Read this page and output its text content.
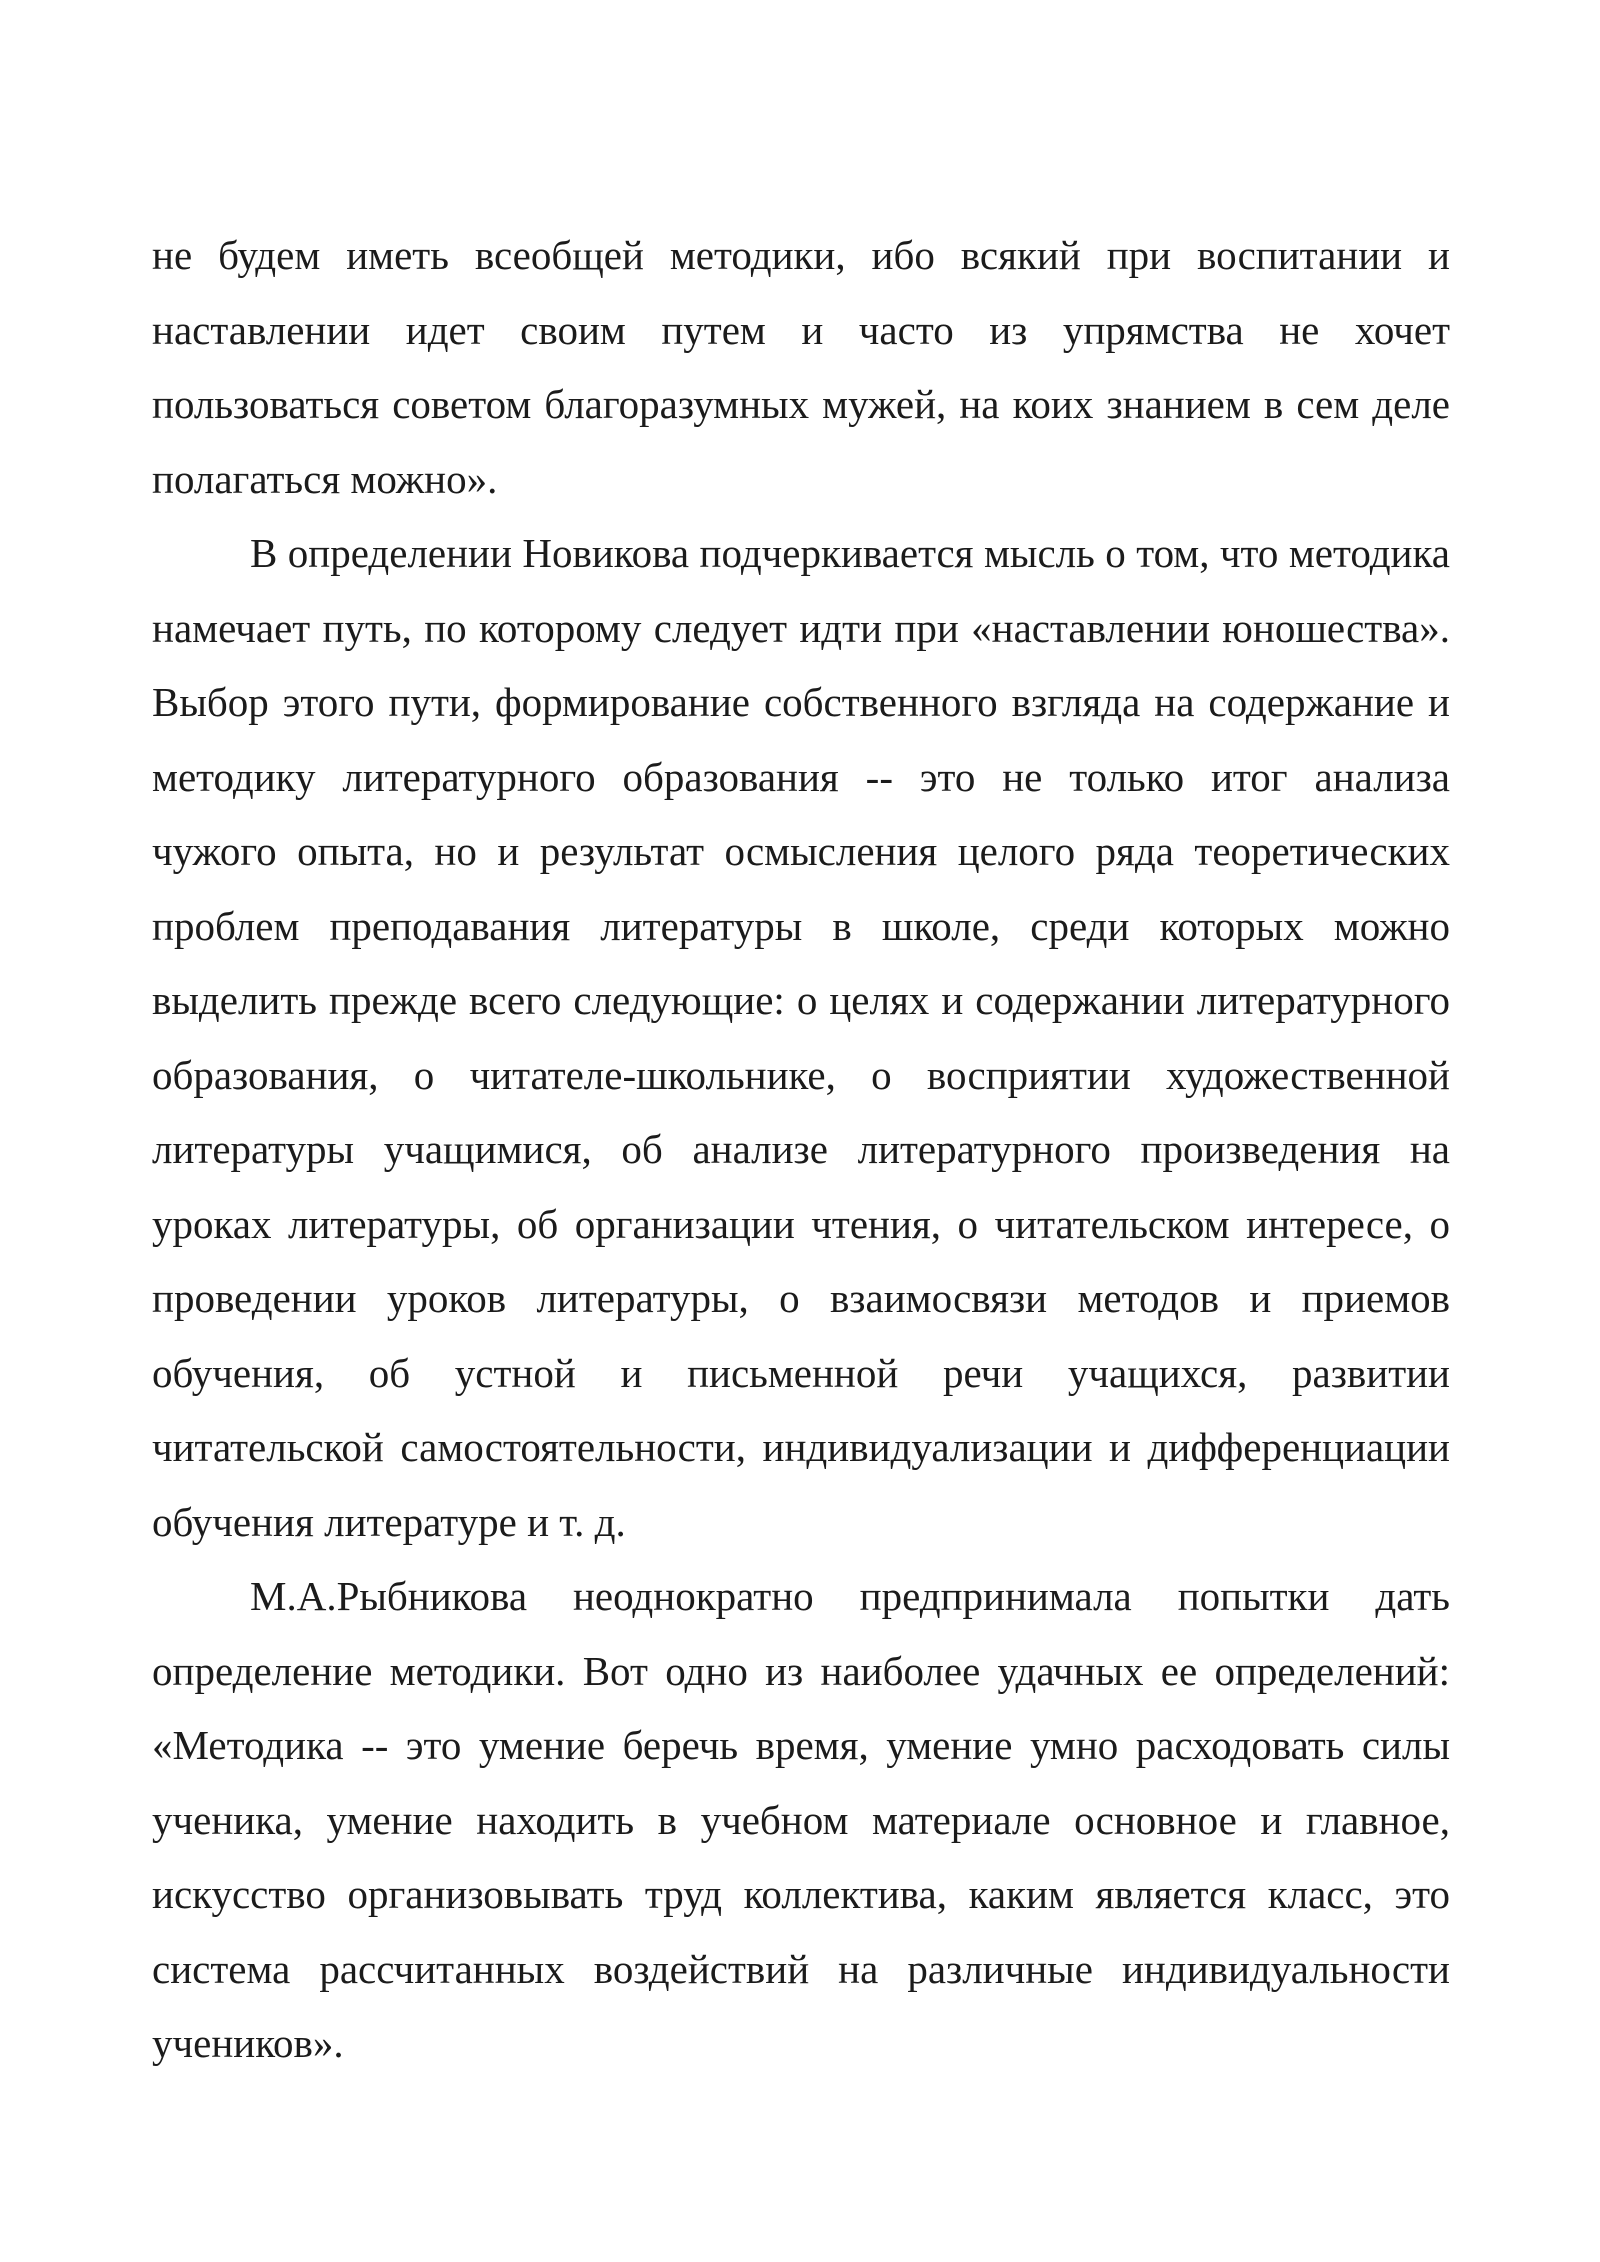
не будем иметь всеобщей методики, ибо всякий при воспитании и наставлении идет своим путем и часто из упрямства не хочет пользоваться советом благоразумных мужей, на коих знанием в сем деле полагаться можно».

В определении Новикова подчеркивается мысль о том, что методика намечает путь, по которому следует идти при «наставлении юношества». Выбор этого пути, формирование собственного взгляда на содержание и методику литературного образования -- это не только итог анализа чужого опыта, но и результат осмысления целого ряда теоретических проблем преподавания литературы в школе, среди которых можно выделить прежде всего следующие: о целях и содержании литературного образования, о читателе-школьнике, о восприятии художественной литературы учащимися, об анализе литературного произведения на уроках литературы, об организации чтения, о читательском интересе, о проведении уроков литературы, о взаимосвязи методов и приемов обучения, об устной и письменной речи учащихся, развитии читательской самостоятельности, индивидуализации и дифференциации обучения литературе и т. д.

М.А.Рыбникова неоднократно предпринимала попытки дать определение методики. Вот одно из наиболее удачных ее определений: «Методика -- это умение беречь время, умение умно расходовать силы ученика, умение находить в учебном материале основное и главное, искусство организовывать труд коллектива, каким является класс, это система рассчитанных воздействий на различные индивидуальности учеников».
